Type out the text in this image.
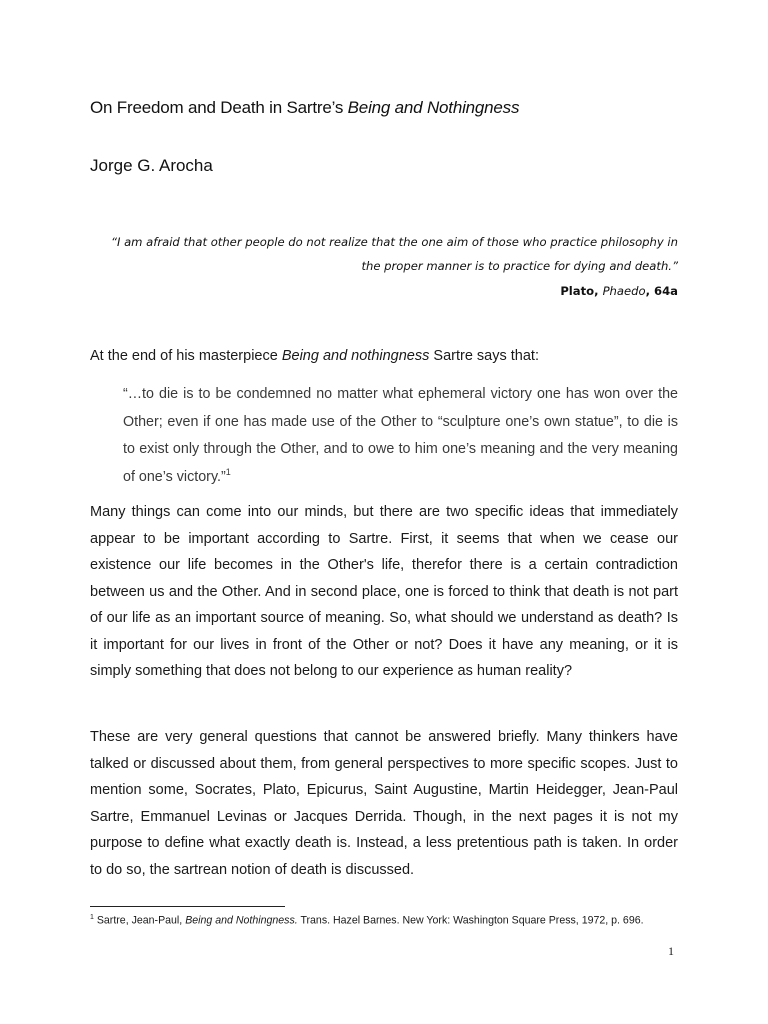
On Freedom and Death in Sartre’s Being and Nothingness
Jorge G. Arocha
“I am afraid that other people do not realize that the one aim of those who practice philosophy in the proper manner is to practice for dying and death.”
Plato, Phaedo, 64a
At the end of his masterpiece Being and nothingness Sartre says that:
“…to die is to be condemned no matter what ephemeral victory one has won over the Other; even if one has made use of the Other to “sculpture one’s own statue”, to die is to exist only through the Other, and to owe to him one’s meaning and the very meaning of one’s victory.”$^1$
Many things can come into our minds, but there are two specific ideas that immediately appear to be important according to Sartre. First, it seems that when we cease our existence our life becomes in the Other's life, therefor there is a certain contradiction between us and the Other. And in second place, one is forced to think that death is not part of our life as an important source of meaning. So, what should we understand as death? Is it important for our lives in front of the Other or not? Does it have any meaning, or it is simply something that does not belong to our experience as human reality?
These are very general questions that cannot be answered briefly. Many thinkers have talked or discussed about them, from general perspectives to more specific scopes. Just to mention some, Socrates, Plato, Epicurus, Saint Augustine, Martin Heidegger, Jean-Paul Sartre, Emmanuel Levinas or Jacques Derrida. Though, in the next pages it is not my purpose to define what exactly death is. Instead, a less pretentious path is taken. In order to do so, the sartrean notion of death is discussed.
$^1$ Sartre, Jean-Paul, Being and Nothingness. Trans. Hazel Barnes. New York: Washington Square Press, 1972, p. 696.
1
